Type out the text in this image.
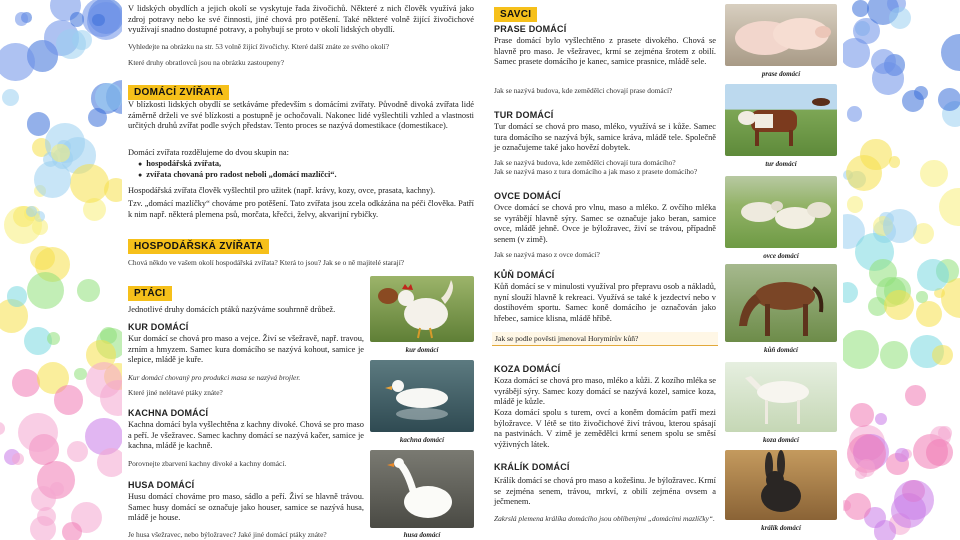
V lidských obydlích a jejich okolí se vyskytuje řada živočichů. Některé z nich člověk využívá jako zdroj potravy nebo ke své činnosti, jiné chová pro potěšení. Také některé volně žijící živočichové využívají snadno dostupné potravy, a pohybují se proto v okolí lidských obydlí.

Vyhledejte na obrázku na str. 53 volně žijící živočichy. Které další znáte ze svého okolí?

Které druhy obratlovců jsou na obrázku zastoupeny?

DOMÁCÍ ZVÍŘATA

V blízkosti lidských obydlí se setkáváme především s domácími zvířaty. Původně divoká zvířata lidé záměrně drželi ve své blízkosti a postupně je ochočovali. Nakonec lidé vyšlechtili vzhled a vlastnosti určitých druhů zvířat podle svých představ. Tento proces se nazývá domestikace (domestikace).

Domácí zvířata rozdělujeme do dvou skupin na:

● hospodářská zvířata,
● zvířata chovaná pro radost neboli „domácí mazlíčci“.

Hospodářská zvířata člověk vyšlechtil pro užitek (např. krávy, kozy, ovce, prasata, kachny).

Tzv. „domácí mazlíčky“ chováme pro potěšení. Tato zvířata jsou zcela odkázána na péči člověka. Patří k nim např. některá plemena psů, morčata, křečci, želvy, akvarijní rybičky.

HOSPODÁŘSKÁ ZVÍŘATA

Chová někdo ve vašem okolí hospodářská zvířata? Která to jsou? Jak se o ně majitelé starají?

PTÁCI

Jednotlivé druhy domácích ptáků nazýváme souhrnně drůbež.

KUR DOMÁCÍ

Kur domácí se chová pro maso a vejce. Živí se všežravě, např. travou, zrním a hmyzem. Samec kura domácího se nazývá kohout, samice je slepice, mládě je kuře.

Kur domácí chovaný pro produkci masa se nazývá brojler.

Které jiné nelétavé ptáky znáte?

KACHNA DOMÁCÍ

Kachna domácí byla vyšlechtěna z kachny divoké. Chová se pro maso a peří. Je všežravec. Samec kachny domácí se nazývá kačer, samice je kachna, mládě je kachně.

Porovnejte zbarvení kachny divoké a kachny domácí.

HUSA DOMÁCÍ

Husu domácí chováme pro maso, sádlo a peří. Živí se hlavně trávou. Samec husy domácí se označuje jako houser, samice se nazývá husa, mládě je house.

Je husa všežravec, nebo býložravec? Jaké jiné domácí ptáky znáte?

kur domácí
kachna domácí
husa domácí
SAVCI

PRASE DOMÁCÍ

Prase domácí bylo vyšlechtěno z prasete divokého. Chová se hlavně pro maso. Je všežravec, krmí se zejména šrotem z obilí. Samec prasete domácího je kanec, samice prasnice, mládě sele.

Jak se nazývá budova, kde zemědělci chovají prase domácí?

TUR DOMÁCÍ

Tur domácí se chová pro maso, mléko, využívá se i kůže. Samec tura domácího se nazývá býk, samice kráva, mládě tele. Společně je označujeme také jako hovězí dobytek.

Jak se nazývá budova, kde zemědělci chovají tura domácího?

Jak se nazývá maso z tura domácího a jak maso z prasete domácího?

OVCE DOMÁCÍ

Ovce domácí se chová pro vlnu, maso a mléko. Z ovčího mléka se vyrábějí hlavně sýry. Samec se označuje jako beran, samice ovce, mládě jehně. Ovce je býložravec, živí se trávou, případně senem (v zimě).

Jak se nazývá maso z ovce domácí?

KŮŇ DOMÁCÍ

Kůň domácí se v minulosti využíval pro přepravu osob a nákladů, nyní slouží hlavně k rekreaci. Využívá se také k jezdectví nebo v dostihovém sportu. Samec koně domácího je označován jako hřebec, samice klisna, mládě hříbě.

Jak se podle pověsti jmenoval Horymírův kůň?

KOZA DOMÁCÍ

Koza domácí se chová pro maso, mléko a kůži. Z kozího mléka se vyrábějí sýry. Samec kozy domácí se nazývá kozel, samice koza, mládě je kůzle.

Koza domácí spolu s turem, ovcí a koněm domácím patří mezi býložravce. V létě se tito živočichové živí trávou, kterou spásají na pastvinách. V zimě je zemědělci krmí senem spolu se směsí výživných látek.

KRÁLÍK DOMÁCÍ

Králík domácí se chová pro maso a kožešinu. Je býložravec. Krmí se zejména senem, trávou, mrkví, z obilí zejména ovsem a ječmenem.

Zakrslá plemena králíka domácího jsou oblíbenými „domácími mazlíčky“.

prase domácí
tur domácí
ovce domácí
kůň domácí
koza domácí
králík domácí
